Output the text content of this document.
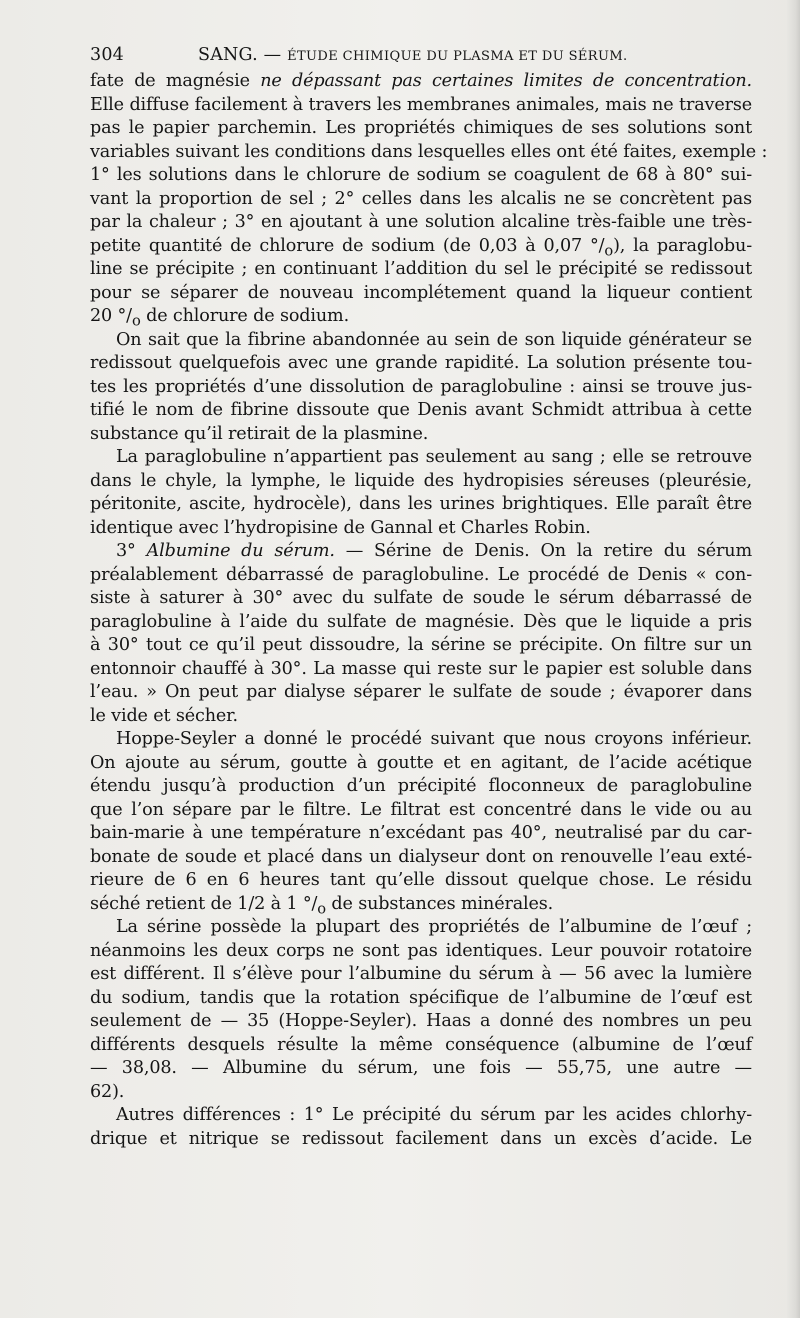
304	SANG. — ÉTUDE CHIMIQUE DU PLASMA ET DU SÉRUM.
fate de magnésie ne dépassant pas certaines limites de concentration.
Elle diffuse facilement à travers les membranes animales, mais ne traverse
pas le papier parchemin. Les propriétés chimiques de ses solutions sont
variables suivant les conditions dans lesquelles elles ont été faites, exemple :
1° les solutions dans le chlorure de sodium se coagulent de 68 à 80° sui-
vant la proportion de sel ; 2° celles dans les alcalis ne se concrètent pas
par la chaleur ; 3° en ajoutant à une solution alcaline très-faible une très-
petite quantité de chlorure de sodium (de 0,03 à 0,07 $^\circ/_o$), la paraglobu-
line se précipite ; en continuant l’addition du sel le précipité se redissout
pour se séparer de nouveau incomplétement quand la liqueur contient
20 $^\circ/_o$ de chlorure de sodium.
On sait que la fibrine abandonnée au sein de son liquide générateur se
redissout quelquefois avec une grande rapidité. La solution présente tou-
tes les propriétés d’une dissolution de paraglobuline : ainsi se trouve jus-
tifié le nom de fibrine dissoute que Denis avant Schmidt attribua à cette
substance qu’il retirait de la plasmine.
La paraglobuline n’appartient pas seulement au sang ; elle se retrouve
dans le chyle, la lymphe, le liquide des hydropisies séreuses (pleurésie,
péritonite, ascite, hydrocèle), dans les urines brightiques. Elle paraît être
identique avec l’hydropisine de Gannal et Charles Robin.
3° Albumine du sérum. — Sérine de Denis. On la retire du sérum
préalablement débarrassé de paraglobuline. Le procédé de Denis « con-
siste à saturer à 30° avec du sulfate de soude le sérum débarrassé de
paraglobuline à l’aide du sulfate de magnésie. Dès que le liquide a pris
à 30° tout ce qu’il peut dissoudre, la sérine se précipite. On filtre sur un
entonnoir chauffé à 30°. La masse qui reste sur le papier est soluble dans
l’eau. » On peut par dialyse séparer le sulfate de soude ; évaporer dans
le vide et sécher.
Hoppe-Seyler a donné le procédé suivant que nous croyons inférieur.
On ajoute au sérum, goutte à goutte et en agitant, de l’acide acétique
étendu jusqu’à production d’un précipité floconneux de paraglobuline
que l’on sépare par le filtre. Le filtrat est concentré dans le vide ou au
bain-marie à une température n’excédant pas 40°, neutralisé par du car-
bonate de soude et placé dans un dialyseur dont on renouvelle l’eau exté-
rieure de 6 en 6 heures tant qu’elle dissout quelque chose. Le résidu
séché retient de 1/2 à 1 $^\circ/_o$ de substances minérales.
La sérine possède la plupart des propriétés de l’albumine de l’œuf ;
néanmoins les deux corps ne sont pas identiques. Leur pouvoir rotatoire
est différent. Il s’élève pour l’albumine du sérum à — 56 avec la lumière
du sodium, tandis que la rotation spécifique de l’albumine de l’œuf est
seulement de — 35 (Hoppe-Seyler). Haas a donné des nombres un peu
différents desquels résulte la même conséquence (albumine de l’œuf
— 38,08. — Albumine du sérum, une fois — 55,75, une autre —
62).
Autres différences : 1° Le précipité du sérum par les acides chlorhy-
drique et nitrique se redissout facilement dans un excès d’acide. Le
